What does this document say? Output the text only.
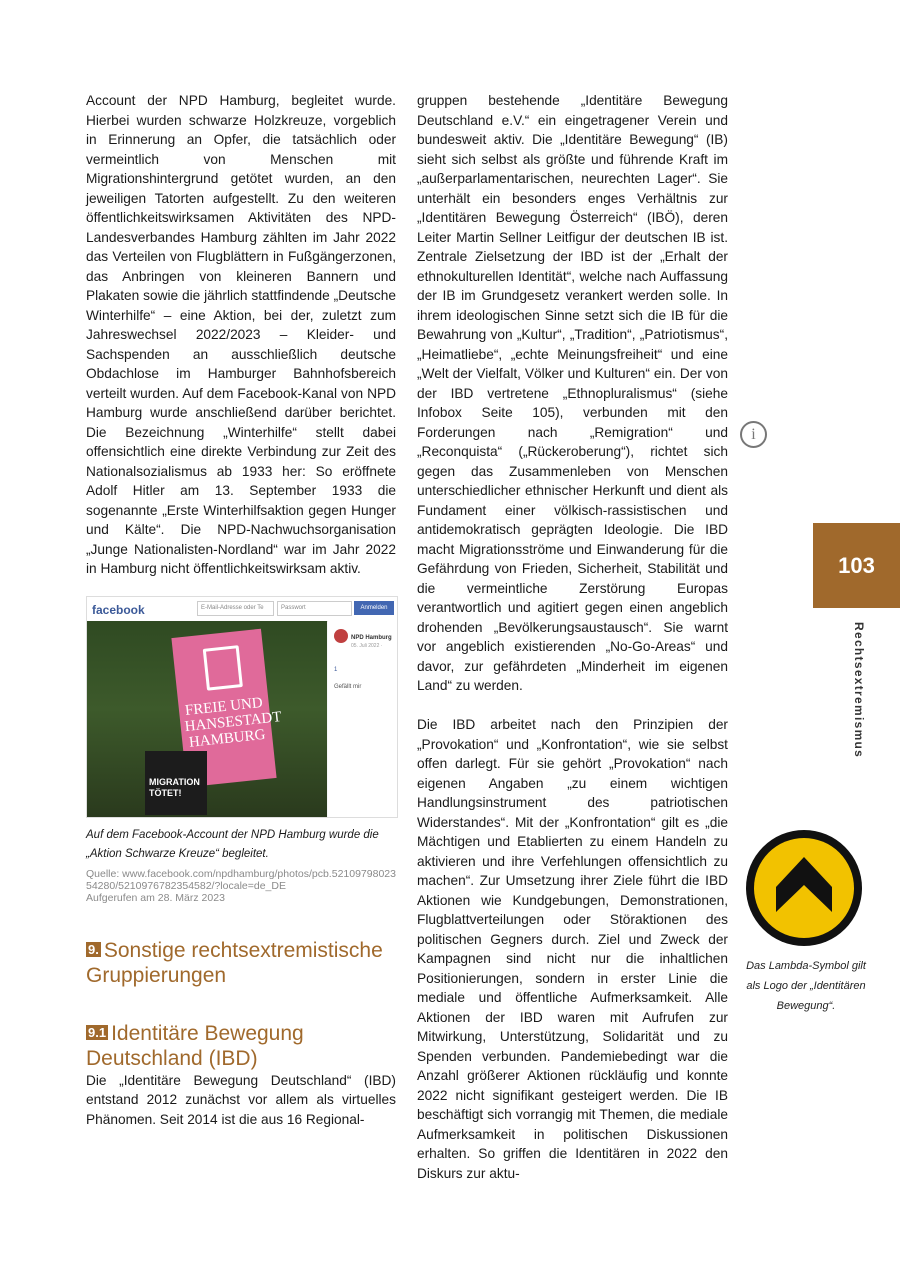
Account der NPD Hamburg, begleitet wurde. Hierbei wurden schwarze Holzkreuze, vorgeblich in Erinnerung an Opfer, die tatsächlich oder vermeintlich von Menschen mit Migrationshintergrund getötet wurden, an den jeweiligen Tatorten aufgestellt. Zu den weiteren öffentlichkeitswirksamen Aktivitäten des NPD-Landesverbandes Hamburg zählten im Jahr 2022 das Verteilen von Flugblättern in Fußgängerzonen, das Anbringen von kleineren Bannern und Plakaten sowie die jährlich stattfindende „Deutsche Winterhilfe“ – eine Aktion, bei der, zuletzt zum Jahreswechsel 2022/2023 – Kleider- und Sachspenden an ausschließlich deutsche Obdachlose im Hamburger Bahnhofsbereich verteilt wurden. Auf dem Facebook-Kanal von NPD Hamburg wurde anschließend darüber berichtet. Die Bezeichnung „Winterhilfe“ stellt dabei offensichtlich eine direkte Verbindung zur Zeit des Nationalsozialismus ab 1933 her: So eröffnete Adolf Hitler am 13. September 1933 die sogenannte „Erste Winterhilfsaktion gegen Hunger und Kälte“. Die NPD-Nachwuchsorganisation „Junge Nationalisten-Nordland“ war im Jahr 2022 in Hamburg nicht öffentlichkeitswirksam aktiv.

facebook	E-Mail-Adresse oder Te	Passwort	Anmelden
FREIE UND HANSESTADT HAMBURG
MIGRATION TÖTET!
NPD Hamburg
05. Juli 2022 ·
1
Gefällt mir
Auf dem Facebook-Account der NPD Hamburg wurde die „Aktion Schwarze Kreuze“ begleitet.
Quelle: www.facebook.com/npdhamburg/photos/pcb.5210979802354280/5210976782354582/?locale=de_DE
Aufgerufen am 28. März 2023
9. Sonstige rechtsextremistische Gruppierungen
9.1 Identitäre Bewegung Deutschland (IBD)

Die „Identitäre Bewegung Deutschland“ (IBD) entstand 2012 zunächst vor allem als virtuelles Phänomen. Seit 2014 ist die aus 16 Regional-

gruppen bestehende „Identitäre Bewegung Deutschland e.V.“ ein eingetragener Verein und bundesweit aktiv. Die „Identitäre Bewegung“ (IB) sieht sich selbst als größte und führende Kraft im „außerparlamentarischen, neurechten Lager“. Sie unterhält ein besonders enges Verhältnis zur „Identitären Bewegung Österreich“ (IBÖ), deren Leiter Martin Sellner Leitfigur der deutschen IB ist. Zentrale Zielsetzung der IBD ist der „Erhalt der ethnokulturellen Identität“, welche nach Auffassung der IB im Grundgesetz verankert werden solle. In ihrem ideologischen Sinne setzt sich die IB für die Bewahrung von „Kultur“, „Tradition“, „Patriotismus“, „Heimatliebe“, „echte Meinungsfreiheit“ und eine „Welt der Vielfalt, Völker und Kulturen“ ein. Der von der IBD vertretene „Ethnopluralismus“ (siehe Infobox Seite 105), verbunden mit den Forderungen nach „Remigration“ und „Reconquista“ („Rückeroberung“), richtet sich gegen das Zusammenleben von Menschen unterschiedlicher ethnischer Herkunft und dient als Fundament einer völkisch-rassistischen und antidemokratisch geprägten Ideologie. Die IBD macht Migrationsströme und Einwanderung für die Gefährdung von Frieden, Sicherheit, Stabilität und die vermeintliche Zerstörung Europas verantwortlich und agitiert gegen einen angeblich drohenden „Bevölkerungsaustausch“. Sie warnt vor angeblich existierenden „No-Go-Areas“ und davor, zur gefährdeten „Minderheit im eigenen Land“ zu werden.

Die IBD arbeitet nach den Prinzipien der „Provokation“ und „Konfrontation“, wie sie selbst offen darlegt. Für sie gehört „Provokation“ nach eigenen Angaben „zu einem wichtigen Handlungsinstrument des patriotischen Widerstandes“. Mit der „Konfrontation“ gilt es „die Mächtigen und Etablierten zu einem Handeln zu aktivieren und ihre Verfehlungen offensichtlich zu machen“. Zur Umsetzung ihrer Ziele führt die IBD Aktionen wie Kundgebungen, Demonstrationen, Flugblattverteilungen oder Störaktionen des politischen Gegners durch. Ziel und Zweck der Kampagnen sind nicht nur die inhaltlichen Positionierungen, sondern in erster Linie die mediale und öffentliche Aufmerksamkeit. Alle Aktionen der IBD waren mit Aufrufen zur Mitwirkung, Unterstützung, Solidarität und zu Spenden verbunden. Pandemiebedingt war die Anzahl größerer Aktionen rückläufig und konnte 2022 nicht signifikant gesteigert werden. Die IB beschäftigt sich vorrangig mit Themen, die mediale Aufmerksamkeit in politischen Diskussionen erhalten. So griffen die Identitären in 2022 den Diskurs zur aktu-

i
103
Rechtsextremismus
Das Lambda-Symbol gilt als Logo der „Identitären Bewegung“.
